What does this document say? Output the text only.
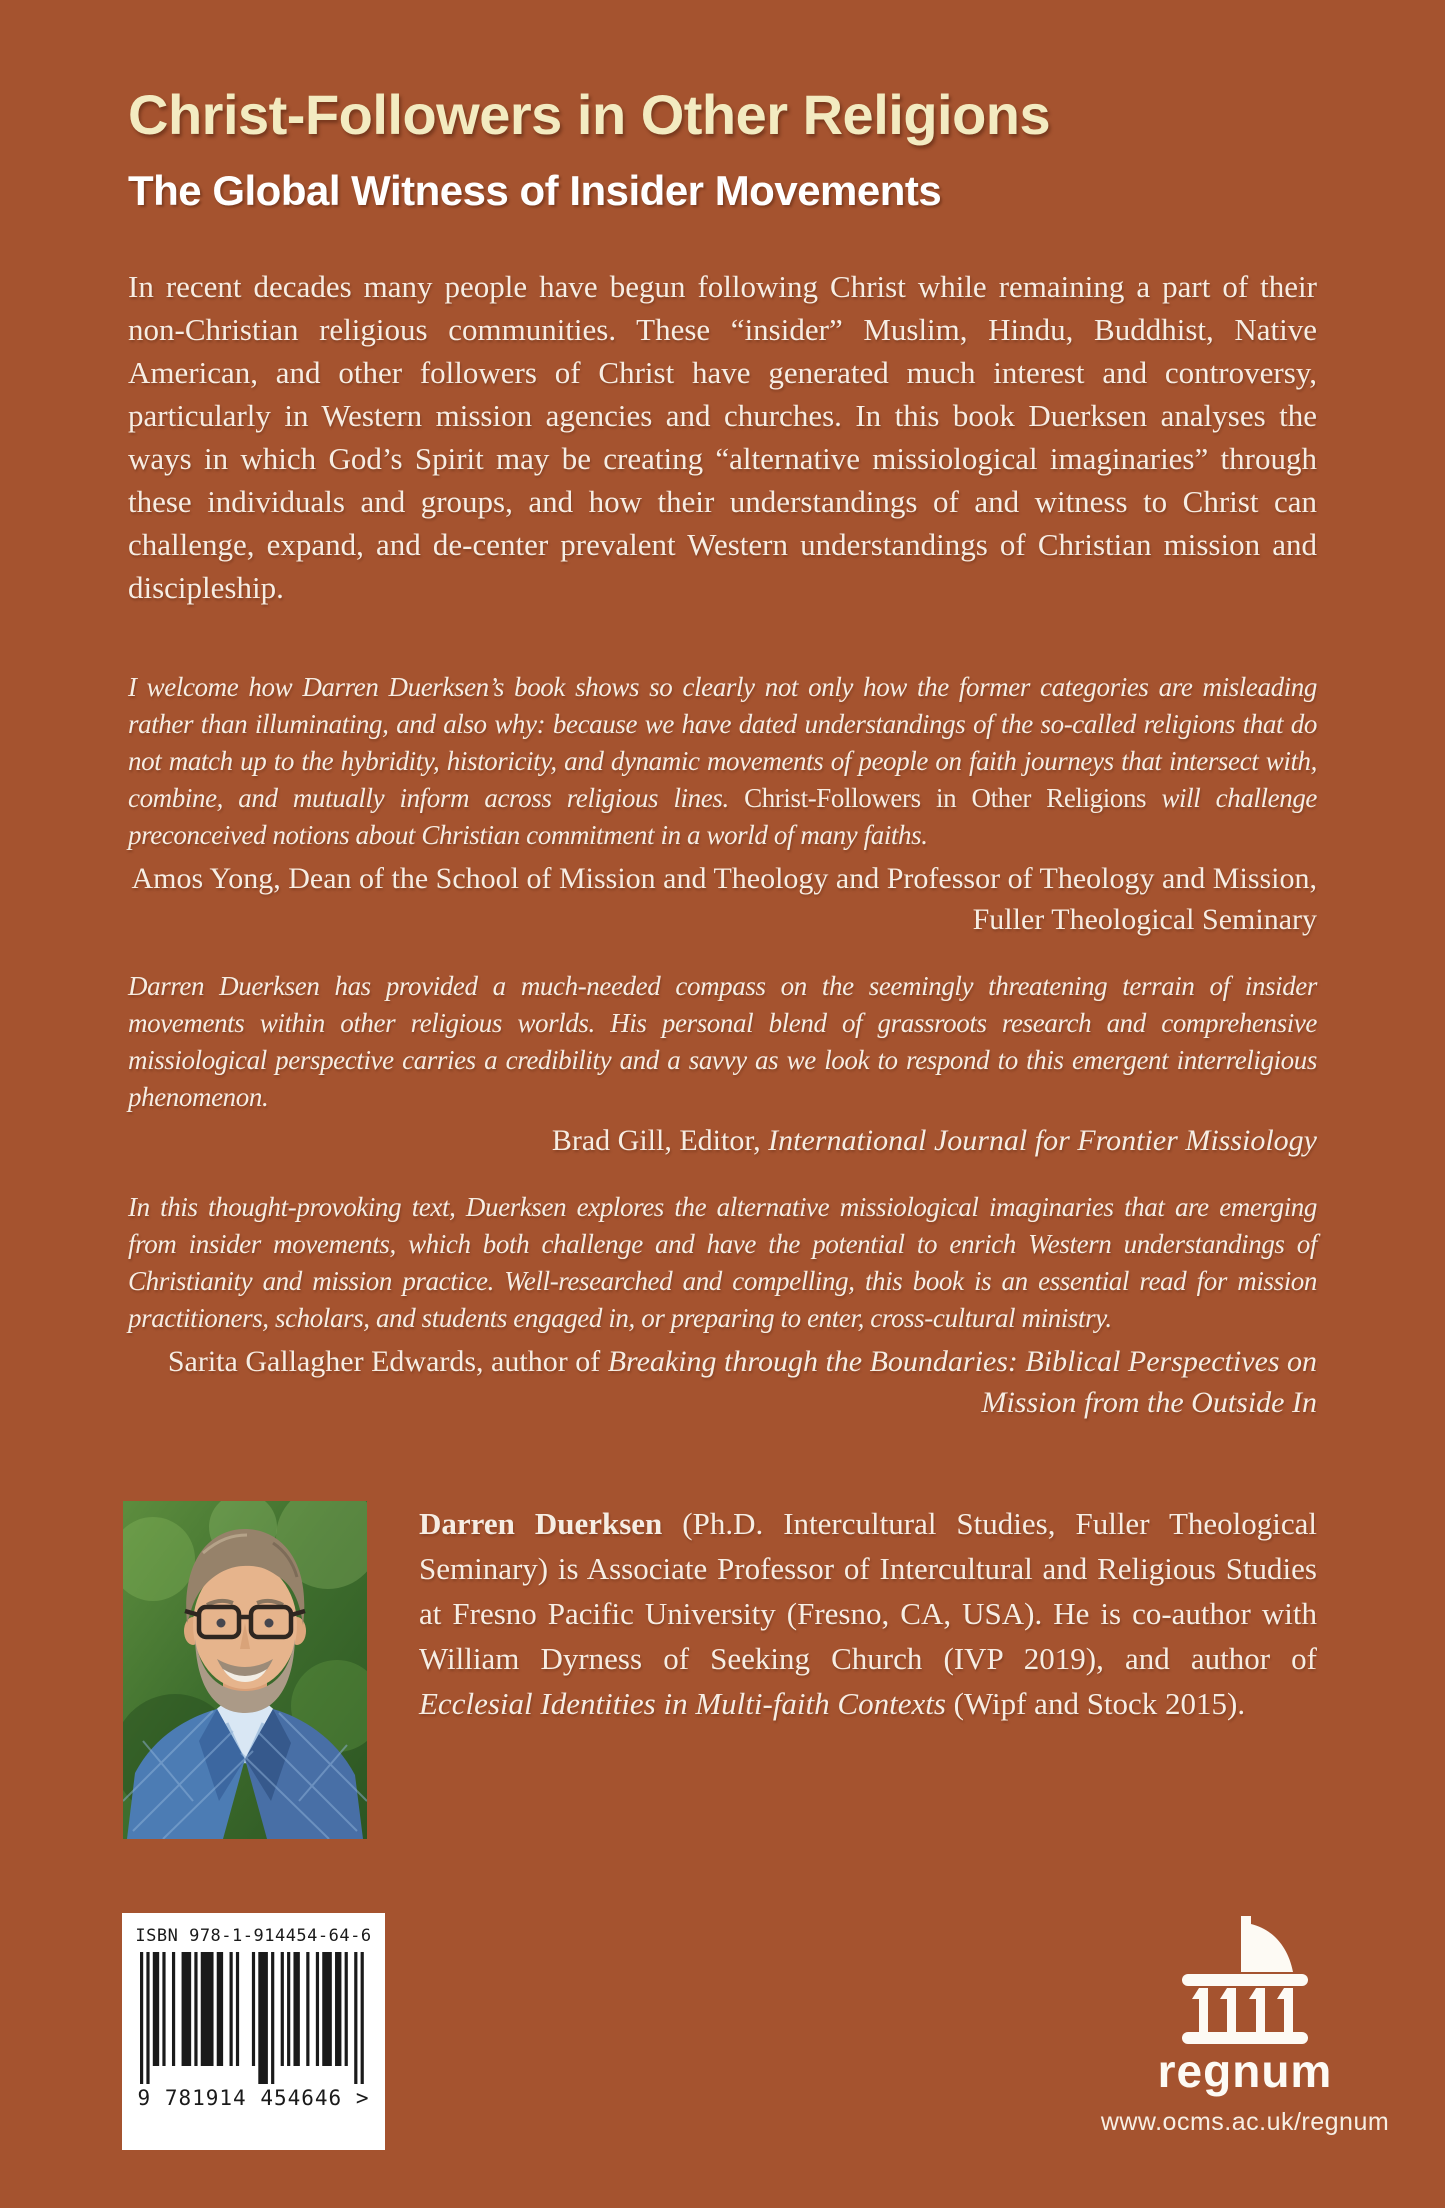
Christ-Followers in Other Religions
The Global Witness of Insider Movements

In recent decades many people have begun following Christ while remaining a part of their non-Christian religious communities. These “insider” Muslim, Hindu, Buddhist, Native American, and other followers of Christ have generated much interest and controversy, particularly in Western mission agencies and churches. In this book Duerksen analyses the ways in which God’s Spirit may be creating “alternative missiological imaginaries” through these individuals and groups, and how their understandings of and witness to Christ can challenge, expand, and de-center prevalent Western understandings of Christian mission and discipleship.

I welcome how Darren Duerksen’s book shows so clearly not only how the former categories are misleading rather than illuminating, and also why: because we have dated understandings of the so-called religions that do not match up to the hybridity, historicity, and dynamic movements of people on faith journeys that intersect with, combine, and mutually inform across religious lines. Christ-Followers in Other Religions will challenge preconceived notions about Christian commitment in a world of many faiths.

Amos Yong, Dean of the School of Mission and Theology and Professor of Theology and Mission, Fuller Theological Seminary

Darren Duerksen has provided a much-needed compass on the seemingly threatening terrain of insider movements within other religious worlds. His personal blend of grassroots research and comprehensive missiological perspective carries a credibility and a savvy as we look to respond to this emergent interreligious phenomenon.

Brad Gill, Editor, International Journal for Frontier Missiology

In this thought-provoking text, Duerksen explores the alternative missiological imaginaries that are emerging from insider movements, which both challenge and have the potential to enrich Western understandings of Christianity and mission practice. Well-researched and compelling, this book is an essential read for mission practitioners, scholars, and students engaged in, or preparing to enter, cross-cultural ministry.

Sarita Gallagher Edwards, author of Breaking through the Boundaries: Biblical Perspectives on Mission from the Outside In

Darren Duerksen (Ph.D. Intercultural Studies, Fuller Theological Seminary) is Associate Professor of Intercultural and Religious Studies at Fresno Pacific University (Fresno, CA, USA). He is co-author with William Dyrness of Seeking Church (IVP 2019), and author of Ecclesial Identities in Multi-faith Contexts (Wipf and Stock 2015).

ISBN 978-1-914454-64-6
9 781914 454646 >
regnum
www.ocms.ac.uk/regnum
